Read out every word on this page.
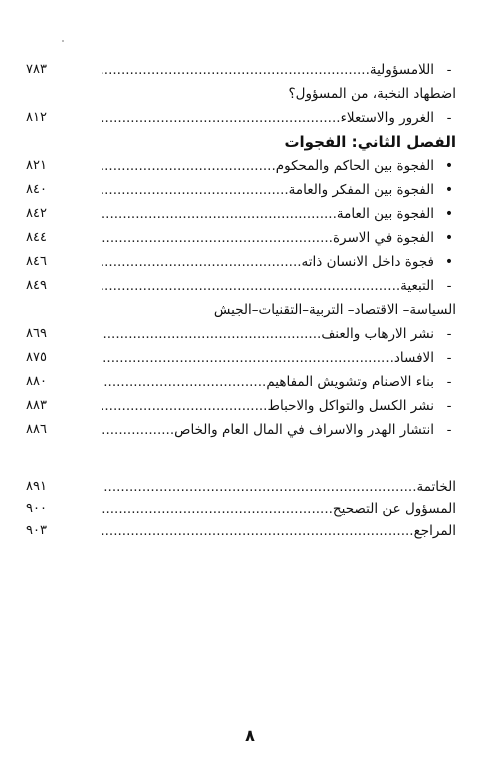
-
اللامسؤولية .....
٧٨٣
اضطهاد النخبة، من المسؤول؟
-
الغرور والاستعلاء .....
٨١٢
الفصل الثاني: الفجوات
•
الفجوة بين الحاكم والمحكوم .....
٨٢١
•
الفجوة بين المفكر والعامة .....
٨٤٠
•
الفجوة بين العامة .....
٨٤٢
•
الفجوة في الاسرة .....
٨٤٤
•
فجوة داخل الانسان ذاته .....
٨٤٦
-
التبعية .....
٨٤٩
السياسة– الاقتصاد– التربية–التقنيات–الجيش
-
نشر الارهاب والعنف .....
٨٦٩
-
الافساد .....
٨٧٥
-
بناء الاصنام وتشويش المفاهيم .....
٨٨٠
-
نشر الكسل والتواكل والاحباط .....
٨٨٣
-
انتشار الهدر والاسراف في المال العام والخاص .....
٨٨٦
الخاتمة .....
٨٩١
المسؤول عن التصحيح .....
٩٠٠
المراجع .....
٩٠٣
٨
